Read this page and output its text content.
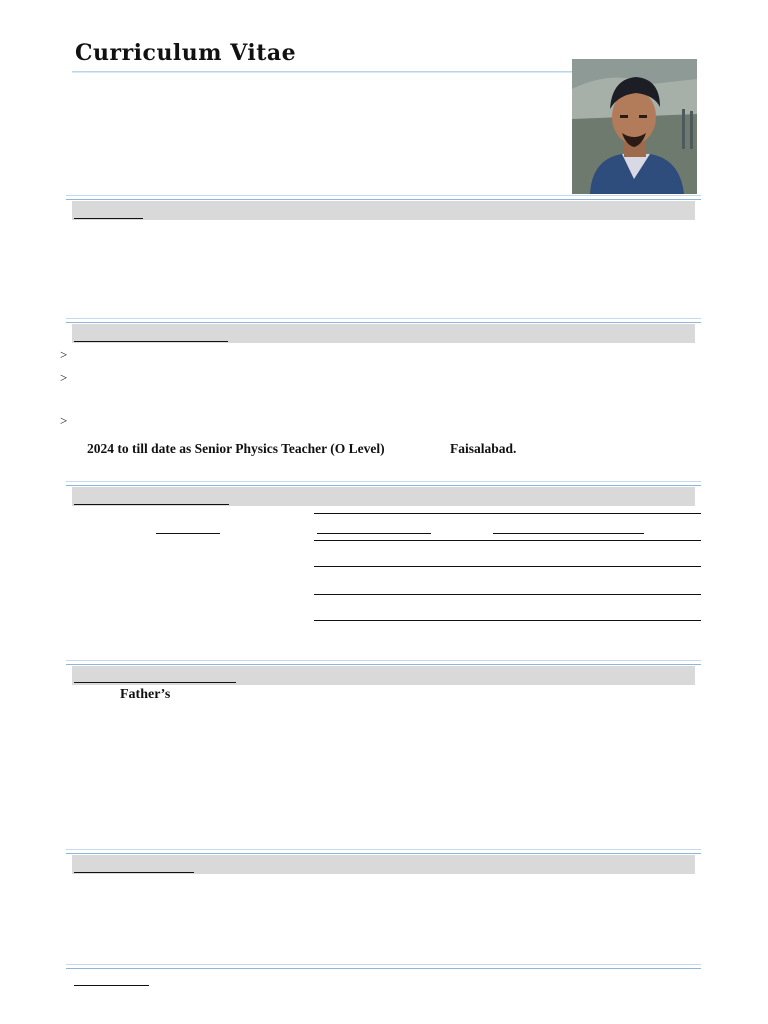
Curriculum Vitae
>
>
>
2024 to till date as Senior Physics Teacher (O Level)	Faisalabad.
Father’s
